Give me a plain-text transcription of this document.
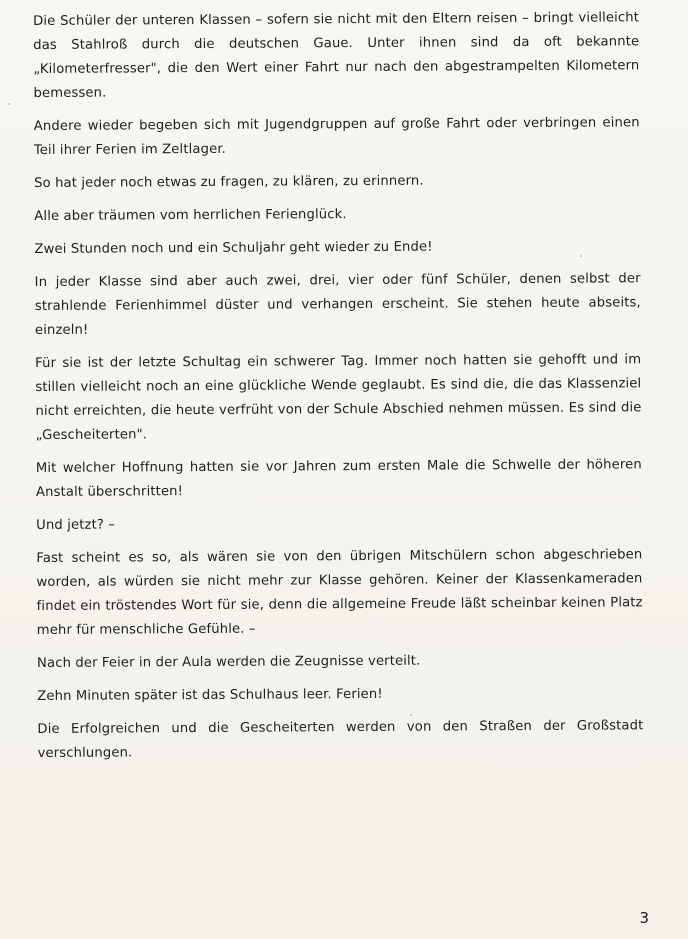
Die Schüler der unteren Klassen – sofern sie nicht mit den Eltern reisen – bringt vielleicht das Stahlroß durch die deutschen Gaue. Unter ihnen sind da oft bekannte „Kilometerfresser", die den Wert einer Fahrt nur nach den abgestrampelten Kilometern bemessen.

Andere wieder begeben sich mit Jugendgruppen auf große Fahrt oder verbringen einen Teil ihrer Ferien im Zeltlager.

So hat jeder noch etwas zu fragen, zu klären, zu erinnern.

Alle aber träumen vom herrlichen Ferienglück.

Zwei Stunden noch und ein Schuljahr geht wieder zu Ende!

In jeder Klasse sind aber auch zwei, drei, vier oder fünf Schüler, denen selbst der strahlende Ferienhimmel düster und verhangen erscheint. Sie stehen heute abseits, einzeln!

Für sie ist der letzte Schultag ein schwerer Tag. Immer noch hatten sie gehofft und im stillen vielleicht noch an eine glückliche Wende geglaubt. Es sind die, die das Klassenziel nicht erreichten, die heute verfrüht von der Schule Abschied nehmen müssen. Es sind die „Gescheiterten".

Mit welcher Hoffnung hatten sie vor Jahren zum ersten Male die Schwelle der höheren Anstalt überschritten!

Und jetzt? –

Fast scheint es so, als wären sie von den übrigen Mitschülern schon abgeschrieben worden, als würden sie nicht mehr zur Klasse gehören. Keiner der Klassenkameraden findet ein tröstendes Wort für sie, denn die allgemeine Freude läßt scheinbar keinen Platz mehr für menschliche Gefühle. –

Nach der Feier in der Aula werden die Zeugnisse verteilt.

Zehn Minuten später ist das Schulhaus leer. Ferien!

Die Erfolgreichen und die Gescheiterten werden von den Straßen der Großstadt verschlungen.

3
